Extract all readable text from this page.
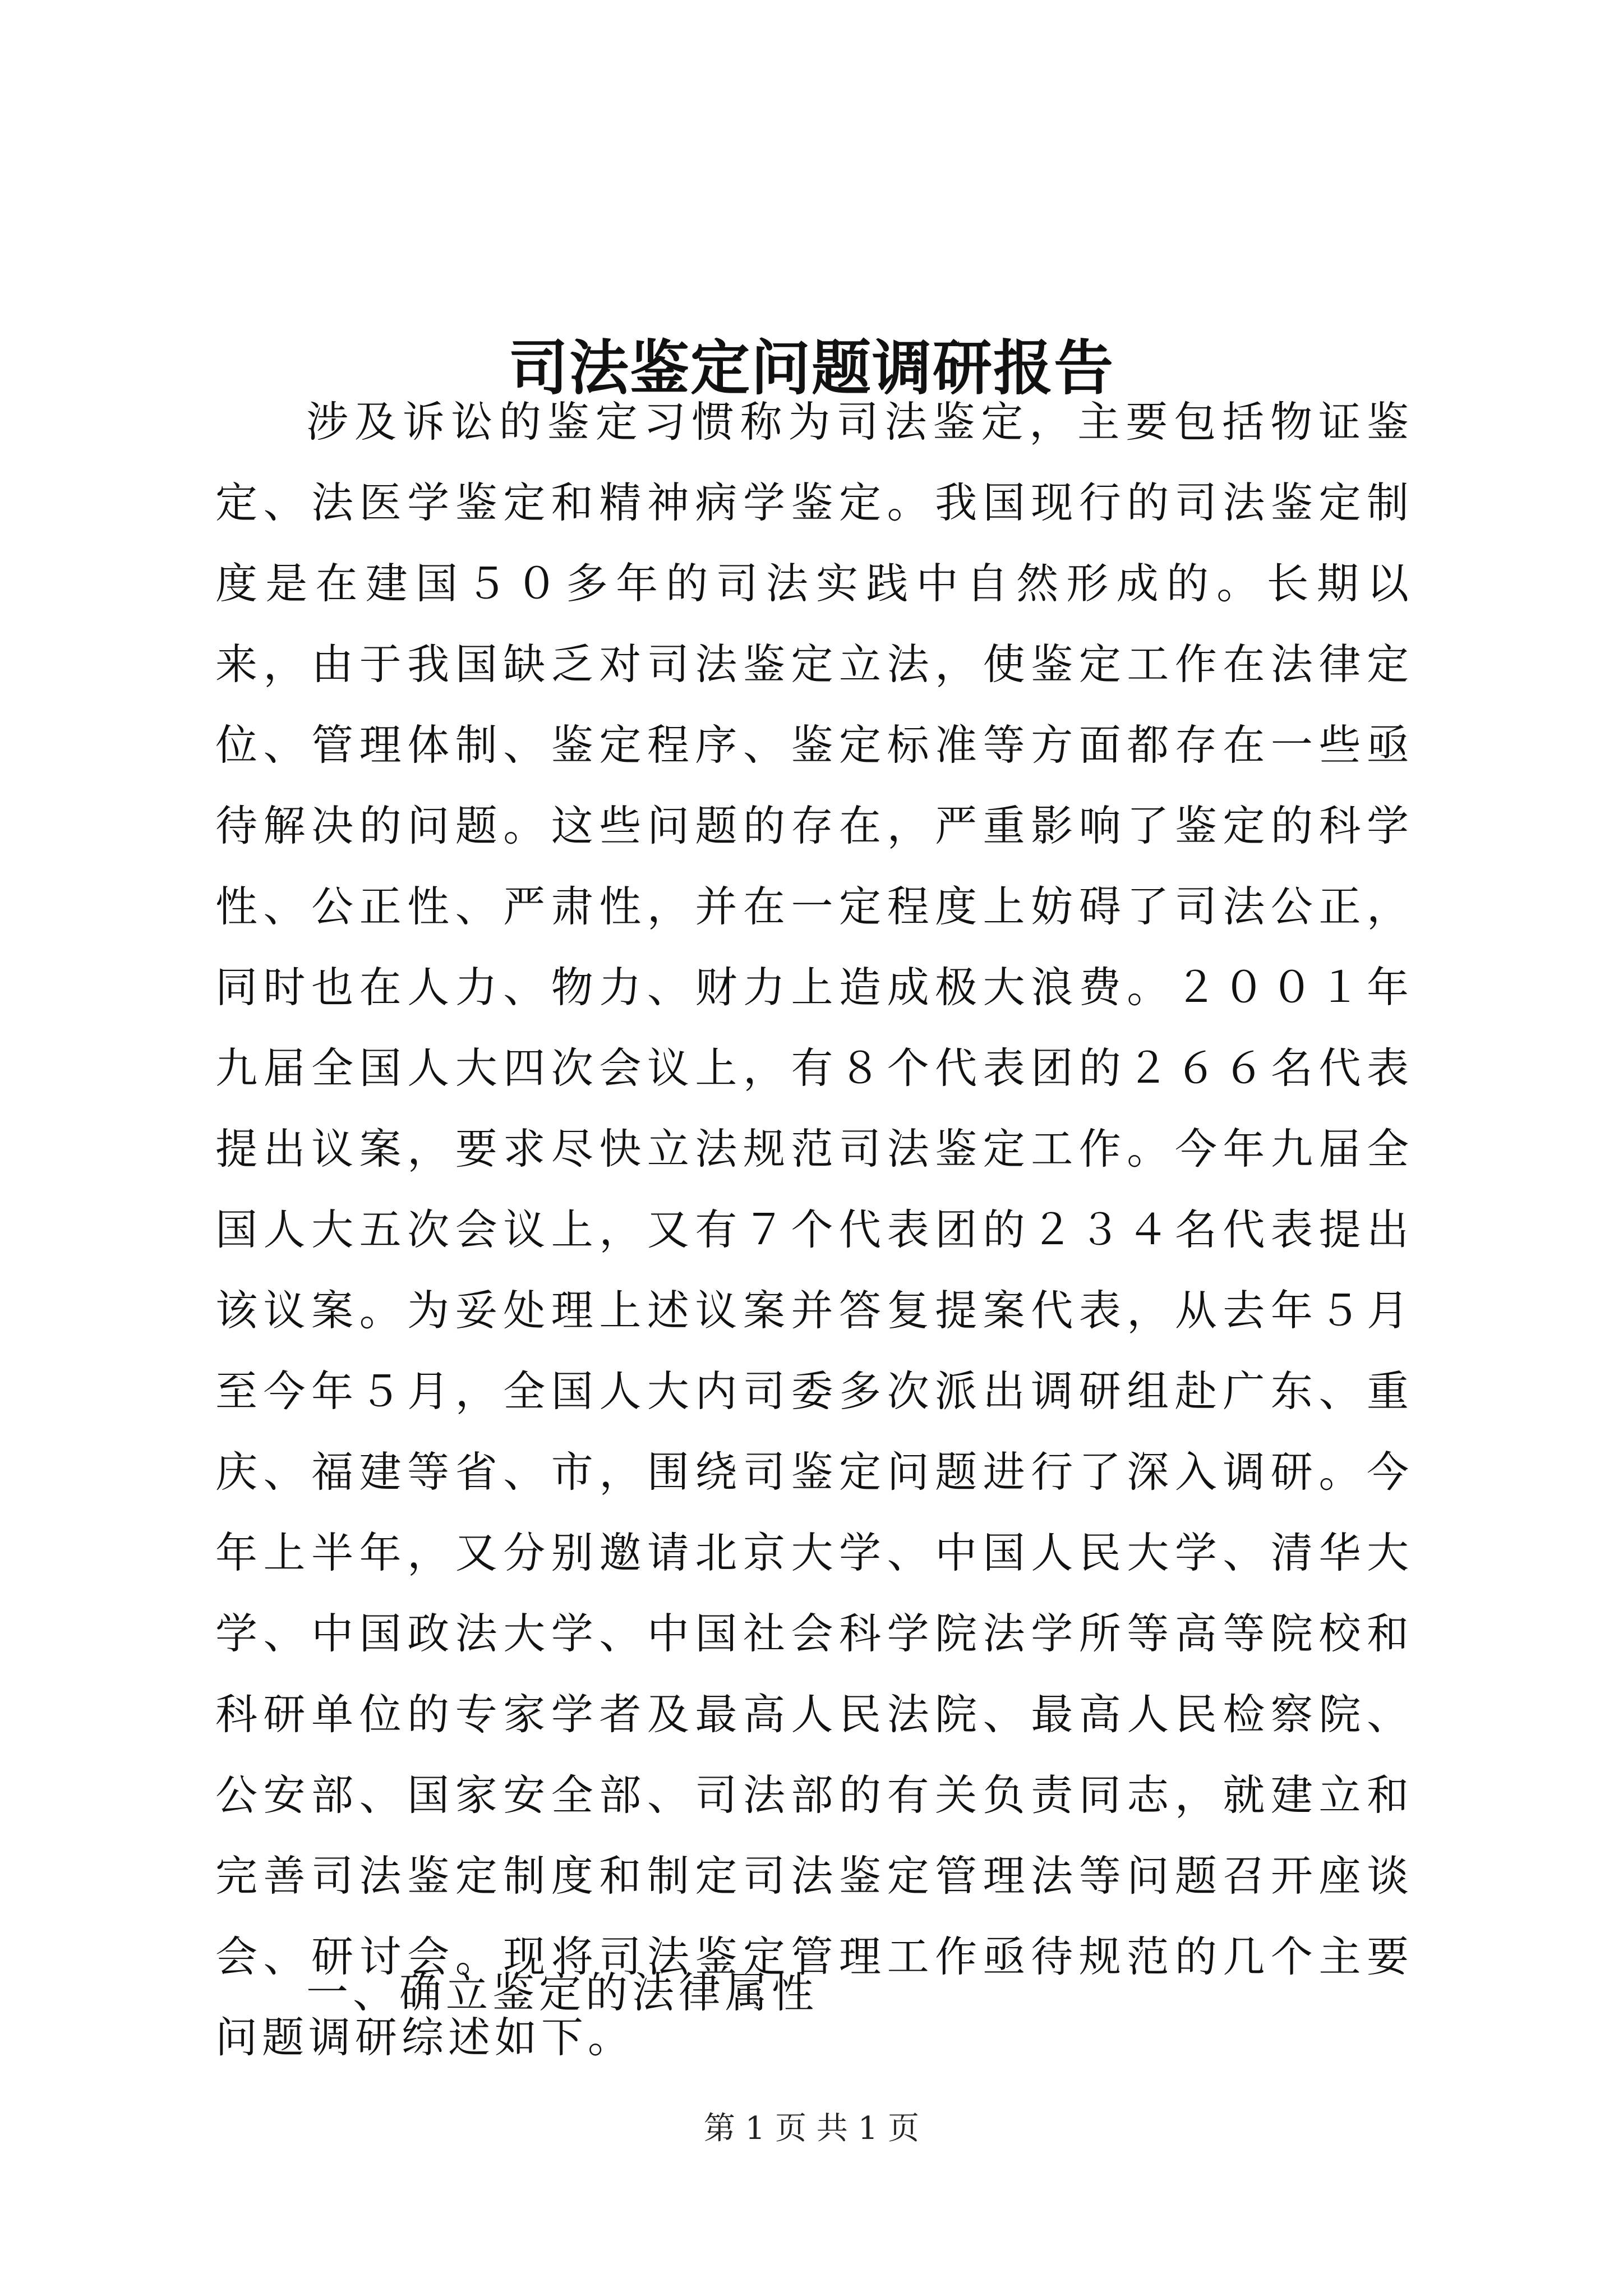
司法鉴定问题调研报告

涉及诉讼的鉴定习惯称为司法鉴定，主要包括物证鉴定、法医学鉴定和精神病学鉴定。我国现行的司法鉴定制度是在建国５０多年的司法实践中自然形成的。长期以来，由于我国缺乏对司法鉴定立法，使鉴定工作在法律定位、管理体制、鉴定程序、鉴定标准等方面都存在一些亟待解决的问题。这些问题的存在，严重影响了鉴定的科学性、公正性、严肃性，并在一定程度上妨碍了司法公正，同时也在人力、物力、财力上造成极大浪费。２００１年九届全国人大四次会议上，有８个代表团的２６６名代表提出议案，要求尽快立法规范司法鉴定工作。今年九届全国人大五次会议上，又有７个代表团的２３４名代表提出该议案。为妥处理上述议案并答复提案代表，从去年５月至今年５月，全国人大内司委多次派出调研组赴广东、重庆、福建等省、市，围绕司鉴定问题进行了深入调研。今年上半年，又分别邀请北京大学、中国人民大学、清华大学、中国政法大学、中国社会科学院法学所等高等院校和科研单位的专家学者及最高人民法院、最高人民检察院、公安部、国家安全部、司法部的有关负责同志，就建立和完善司法鉴定制度和制定司法鉴定管理法等问题召开座谈会、研讨会。现将司法鉴定管理工作亟待规范的几个主要问题调研综述如下。

一、确立鉴定的法律属性

第 1 页 共 1 页
